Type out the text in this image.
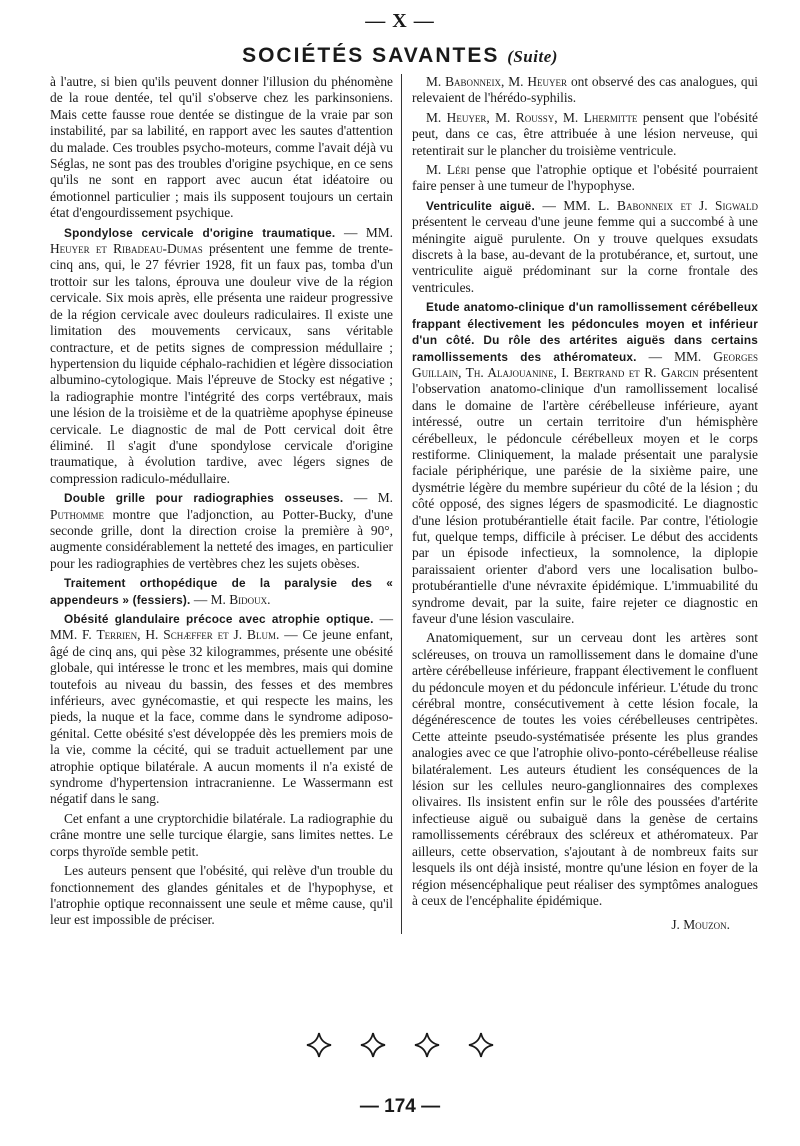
— X —
SOCIÉTÉS SAVANTES (Suite)

à l'autre, si bien qu'ils peuvent donner l'illusion du phénomène de la roue dentée, tel qu'il s'observe chez les parkinsoniens. Mais cette fausse roue dentée se distingue de la vraie par son instabilité, par sa labilité, en rapport avec les sautes d'attention du malade. Ces troubles psycho-moteurs, comme l'avait déjà vu Séglas, ne sont pas des troubles d'origine psychique, en ce sens qu'ils ne sont en rapport avec aucun état idéatoire ou émotionnel particulier ; mais ils supposent toujours un certain état d'engourdissement psychique.

Spondylose cervicale d'origine traumatique. — MM. Heuyer et Ribadeau-Dumas présentent une femme de trente-cinq ans, qui, le 27 février 1928, fit un faux pas, tomba d'un trottoir sur les talons, éprouva une douleur vive de la région cervicale. Six mois après, elle présenta une raideur progressive de la région cervicale avec douleurs radiculaires. Il existe une limitation des mouvements cervicaux, sans véritable contracture, et de petits signes de compression médullaire ; hypertension du liquide céphalo-rachidien et légère dissociation albumino-cytologique. Mais l'épreuve de Stocky est négative ; la radiographie montre l'intégrité des corps vertébraux, mais une lésion de la troisième et de la quatrième apophyse épineuse cervicale. Le diagnostic de mal de Pott cervical doit être éliminé. Il s'agit d'une spondylose cervicale d'origine traumatique, à évolution tardive, avec légers signes de compression radiculo-médullaire.

Double grille pour radiographies osseuses. — M. Puthomme montre que l'adjonction, au Potter-Bucky, d'une seconde grille, dont la direction croise la première à 90°, augmente considérablement la netteté des images, en particulier pour les radiographies de vertèbres chez les sujets obèses.

Traitement orthopédique de la paralysie des « appendeurs » (fessiers). — M. Bidoux.

Obésité glandulaire précoce avec atrophie optique. — MM. F. Terrien, H. Schæffer et J. Blum. — Ce jeune enfant, âgé de cinq ans, qui pèse 32 kilogrammes, présente une obésité globale, qui intéresse le tronc et les membres, mais qui domine toutefois au niveau du bassin, des fesses et des membres inférieurs, avec gynécomastie, et qui respecte les mains, les pieds, la nuque et la face, comme dans le syndrome adiposo-génital. Cette obésité s'est développée dès les premiers mois de la vie, comme la cécité, qui se traduit actuellement par une atrophie optique bilatérale. A aucun moments il n'a existé de syndrome d'hypertension intracranienne. Le Wassermann est négatif dans le sang.

Cet enfant a une cryptorchidie bilatérale. La radiographie du crâne montre une selle turcique élargie, sans limites nettes. Le corps thyroïde semble petit.

Les auteurs pensent que l'obésité, qui relève d'un trouble du fonctionnement des glandes génitales et de l'hypophyse, et l'atrophie optique reconnaissent une seule et même cause, qu'il leur est impossible de préciser.

M. Babonneix, M. Heuyer ont observé des cas analogues, qui relevaient de l'hérédo-syphilis.

M. Heuyer, M. Roussy, M. Lhermitte pensent que l'obésité peut, dans ce cas, être attribuée à une lésion nerveuse, qui retentirait sur le plancher du troisième ventricule.

M. Léri pense que l'atrophie optique et l'obésité pourraient faire penser à une tumeur de l'hypophyse.

Ventriculite aiguë. — MM. L. Babonneix et J. Sigwald présentent le cerveau d'une jeune femme qui a succombé à une méningite aiguë purulente. On y trouve quelques exsudats discrets à la base, au-devant de la protubérance, et, surtout, une ventriculite aiguë prédominant sur la corne frontale des ventricules.

Etude anatomo-clinique d'un ramollissement cérébelleux frappant électivement les pédoncules moyen et inférieur d'un côté. Du rôle des artérites aiguës dans certains ramollissements des athéromateux. — MM. Georges Guillain, Th. Alajouanine, I. Bertrand et R. Garcin présentent l'observation anatomo-clinique d'un ramollissement localisé dans le domaine de l'artère cérébelleuse inférieure, ayant intéressé, outre un certain territoire d'un hémisphère cérébelleux, le pédoncule cérébelleux moyen et le corps restiforme. Cliniquement, la malade présentait une paralysie faciale périphérique, une parésie de la sixième paire, une dysmétrie légère du membre supérieur du côté de la lésion ; du côté opposé, des signes légers de spasmodicité. Le diagnostic d'une lésion protubérantielle était facile. Par contre, l'étiologie fut, quelque temps, difficile à préciser. Le début des accidents par un épisode infectieux, la somnolence, la diplopie paraissaient orienter d'abord vers une localisation bulbo-protubérantielle d'une névraxite épidémique. L'immuabilité du syndrome devait, par la suite, faire rejeter ce diagnostic en faveur d'une lésion vasculaire.

Anatomiquement, sur un cerveau dont les artères sont scléreuses, on trouva un ramollissement dans le domaine d'une artère cérébelleuse inférieure, frappant électivement le confluent du pédoncule moyen et du pédoncule inférieur. L'étude du tronc cérébral montre, consécutivement à cette lésion focale, la dégénérescence de toutes les voies cérébelleuses centripètes. Cette atteinte pseudo-systématisée présente les plus grandes analogies avec ce que l'atrophie olivo-ponto-cérébelleuse réalise bilatéralement. Les auteurs étudient les conséquences de la lésion sur les cellules neuro-ganglionnaires des complexes olivaires. Ils insistent enfin sur le rôle des poussées d'artérite infectieuse aiguë ou subaiguë dans la genèse de certains ramollissements cérébraux des scléreux et athéromateux. Par ailleurs, cette observation, s'ajoutant à de nombreux faits sur lesquels ils ont déjà insisté, montre qu'une lésion en foyer de la région mésencéphalique peut réaliser des symptômes analogues à ceux de l'encéphalite épidémique.

J. Mouzon.

— 174 —
